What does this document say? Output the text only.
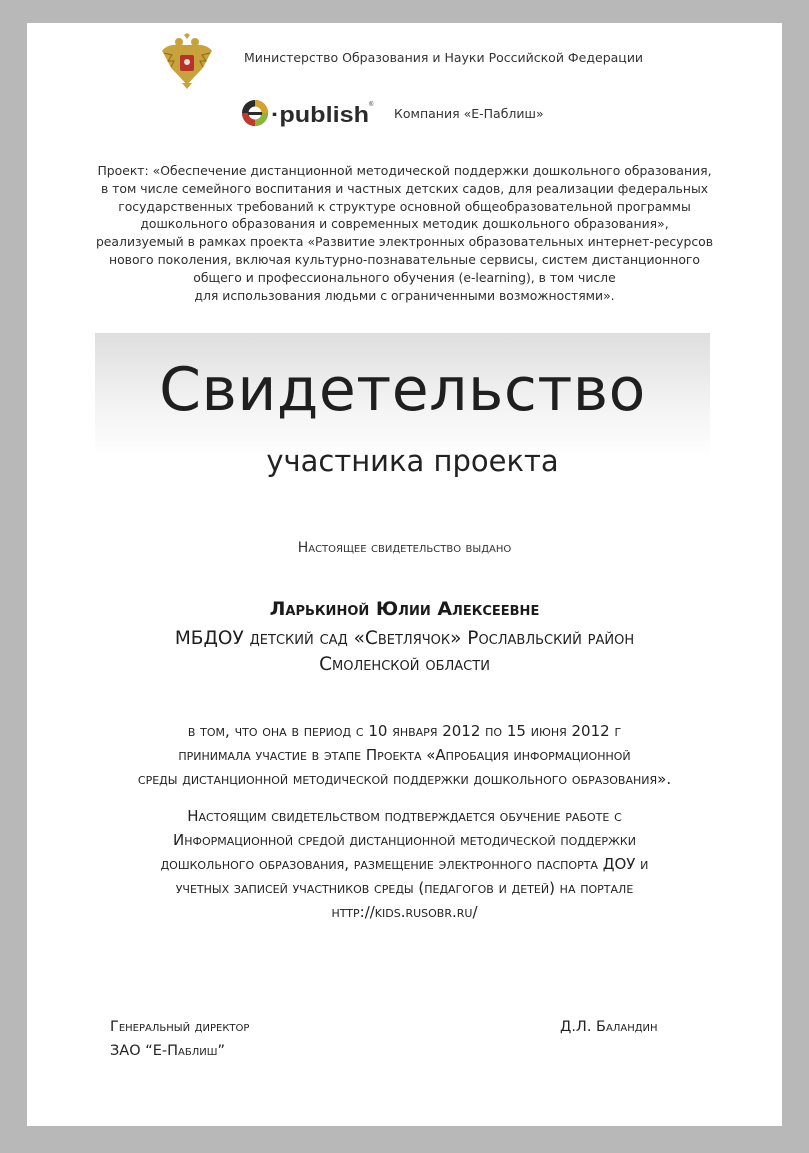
Министерство Образования и Науки Российской Федерации
·publish ®
Компания «Е-Паблиш»
Проект: «Обеспечение дистанционной методической поддержки дошкольного образования,
в том числе семейного воспитания и частных детских садов, для реализации федеральных
государственных требований к структуре основной общеобразовательной программы
дошкольного образования и современных методик дошкольного образования»,
реализуемый в рамках проекта «Развитие электронных образовательных интернет-ресурсов
нового поколения, включая культурно-познавательные сервисы, систем дистанционного
общего и профессионального обучения (e-learning), в том числе
для использования людьми с ограниченными возможностями».
Свидетельство
участника проекта
Настоящее свидетельство выдано
Ларькиной Юлии Алексеевне
МБДОУ детский сад «Светлячок» Рославльский район
Смоленской области
в том, что она в период с 10 января 2012 по 15 июня 2012 г
принимала участие в этапе Проекта «Апробация информационной
среды дистанционной методической поддержки дошкольного образования».
Настоящим свидетельством подтверждается обучение работе с
Информационной средой дистанционной методической поддержки
дошкольного образования, размещение электронного паспорта ДОУ и
учетных записей участников среды (педагогов и детей) на портале
http://kids.rusobr.ru/
Генеральный директор
ЗАО “Е-Паблиш”
Д.Л. Баландин
